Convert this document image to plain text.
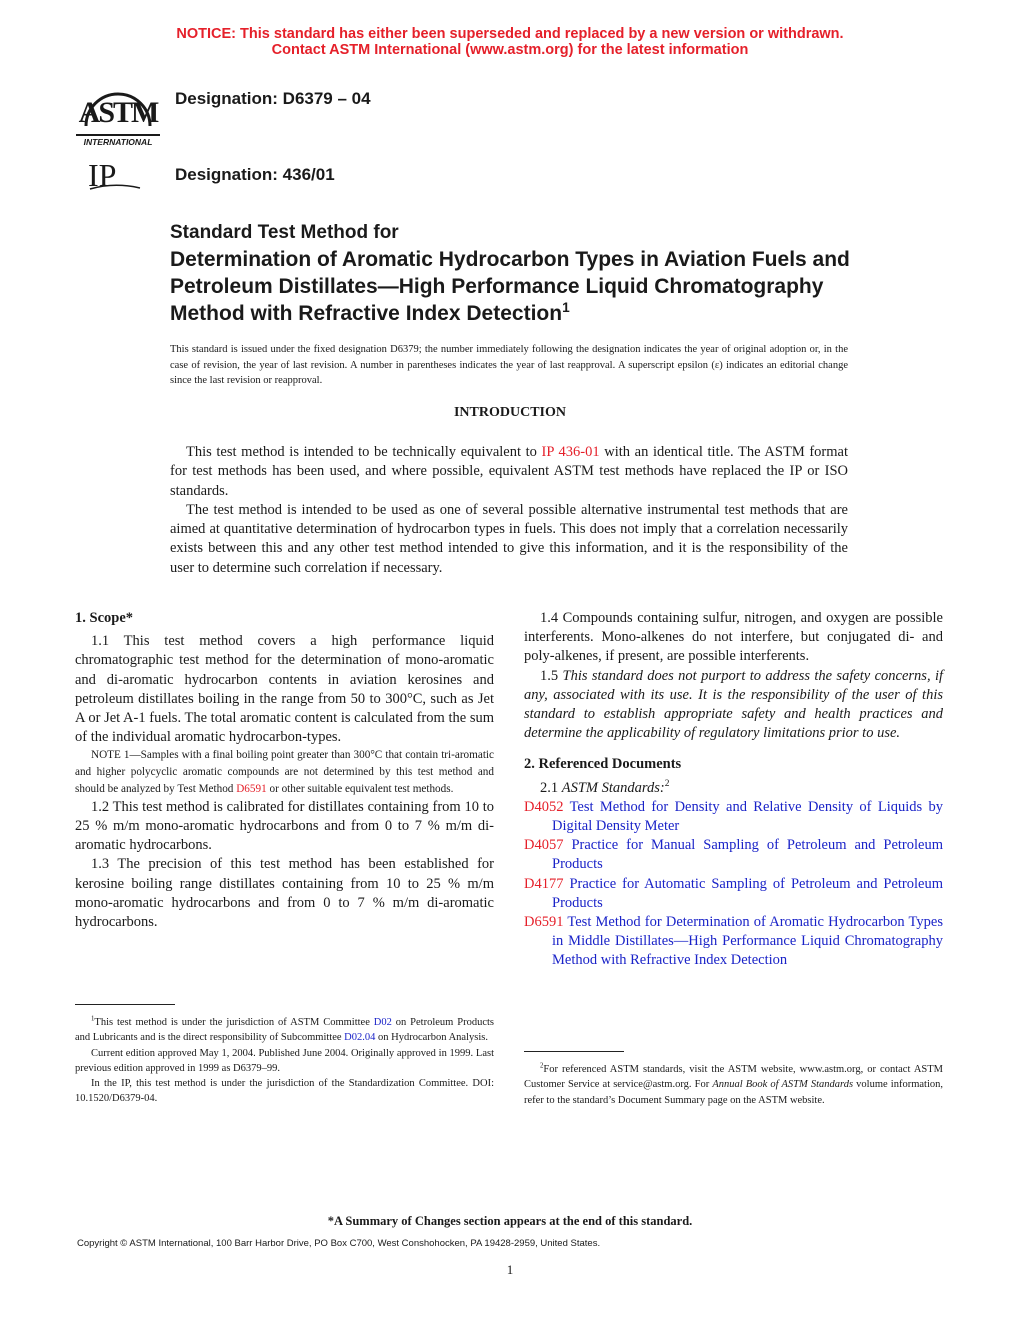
NOTICE: This standard has either been superseded and replaced by a new version or withdrawn.
Contact ASTM International (www.astm.org) for the latest information
ASTM
INTERNATIONAL
IP
Designation: D6379 – 04
Designation: 436/01
Standard Test Method for
Determination of Aromatic Hydrocarbon Types in Aviation Fuels and Petroleum Distillates—High Performance Liquid Chromatography Method with Refractive Index Detection$^1$
This standard is issued under the fixed designation D6379; the number immediately following the designation indicates the year of original adoption or, in the case of revision, the year of last revision. A number in parentheses indicates the year of last reapproval. A superscript epsilon (ε) indicates an editorial change since the last revision or reapproval.
INTRODUCTION

This test method is intended to be technically equivalent to IP 436-01 with an identical title. The ASTM format for test methods has been used, and where possible, equivalent ASTM test methods have replaced the IP or ISO standards.

The test method is intended to be used as one of several possible alternative instrumental test methods that are aimed at quantitative determination of hydrocarbon types in fuels. This does not imply that a correlation necessarily exists between this and any other test method intended to give this information, and it is the responsibility of the user to determine such correlation if necessary.

1. Scope*

1.1 This test method covers a high performance liquid chromatographic test method for the determination of mono-aromatic and di-aromatic hydrocarbon contents in aviation kerosines and petroleum distillates boiling in the range from 50 to 300°C, such as Jet A or Jet A-1 fuels. The total aromatic content is calculated from the sum of the individual aromatic hydrocarbon-types.

NOTE 1—Samples with a final boiling point greater than 300°C that contain tri-aromatic and higher polycyclic aromatic compounds are not determined by this test method and should be analyzed by Test Method D6591 or other suitable equivalent test methods.

1.2 This test method is calibrated for distillates containing from 10 to 25 % m/m mono-aromatic hydrocarbons and from 0 to 7 % m/m di-aromatic hydrocarbons.

1.3 The precision of this test method has been established for kerosine boiling range distillates containing from 10 to 25 % m/m mono-aromatic hydrocarbons and from 0 to 7 % m/m di-aromatic hydrocarbons.

$^1$This test method is under the jurisdiction of ASTM Committee D02 on Petroleum Products and Lubricants and is the direct responsibility of Subcommittee D02.04 on Hydrocarbon Analysis.

Current edition approved May 1, 2004. Published June 2004. Originally approved in 1999. Last previous edition approved in 1999 as D6379–99.

In the IP, this test method is under the jurisdiction of the Standardization Committee. DOI: 10.1520/D6379-04.

1.4 Compounds containing sulfur, nitrogen, and oxygen are possible interferents. Mono-alkenes do not interfere, but conjugated di- and poly-alkenes, if present, are possible interferents.

1.5 This standard does not purport to address the safety concerns, if any, associated with its use. It is the responsibility of the user of this standard to establish appropriate safety and health practices and determine the applicability of regulatory limitations prior to use.

2. Referenced Documents

2.1 ASTM Standards:$^2$

D4052 Test Method for Density and Relative Density of Liquids by Digital Density Meter

D4057 Practice for Manual Sampling of Petroleum and Petroleum Products

D4177 Practice for Automatic Sampling of Petroleum and Petroleum Products

D6591 Test Method for Determination of Aromatic Hydrocarbon Types in Middle Distillates—High Performance Liquid Chromatography Method with Refractive Index Detection

$^2$For referenced ASTM standards, visit the ASTM website, www.astm.org, or contact ASTM Customer Service at service@astm.org. For Annual Book of ASTM Standards volume information, refer to the standard’s Document Summary page on the ASTM website.

*A Summary of Changes section appears at the end of this standard.
Copyright © ASTM International, 100 Barr Harbor Drive, PO Box C700, West Conshohocken, PA 19428-2959, United States.
1
